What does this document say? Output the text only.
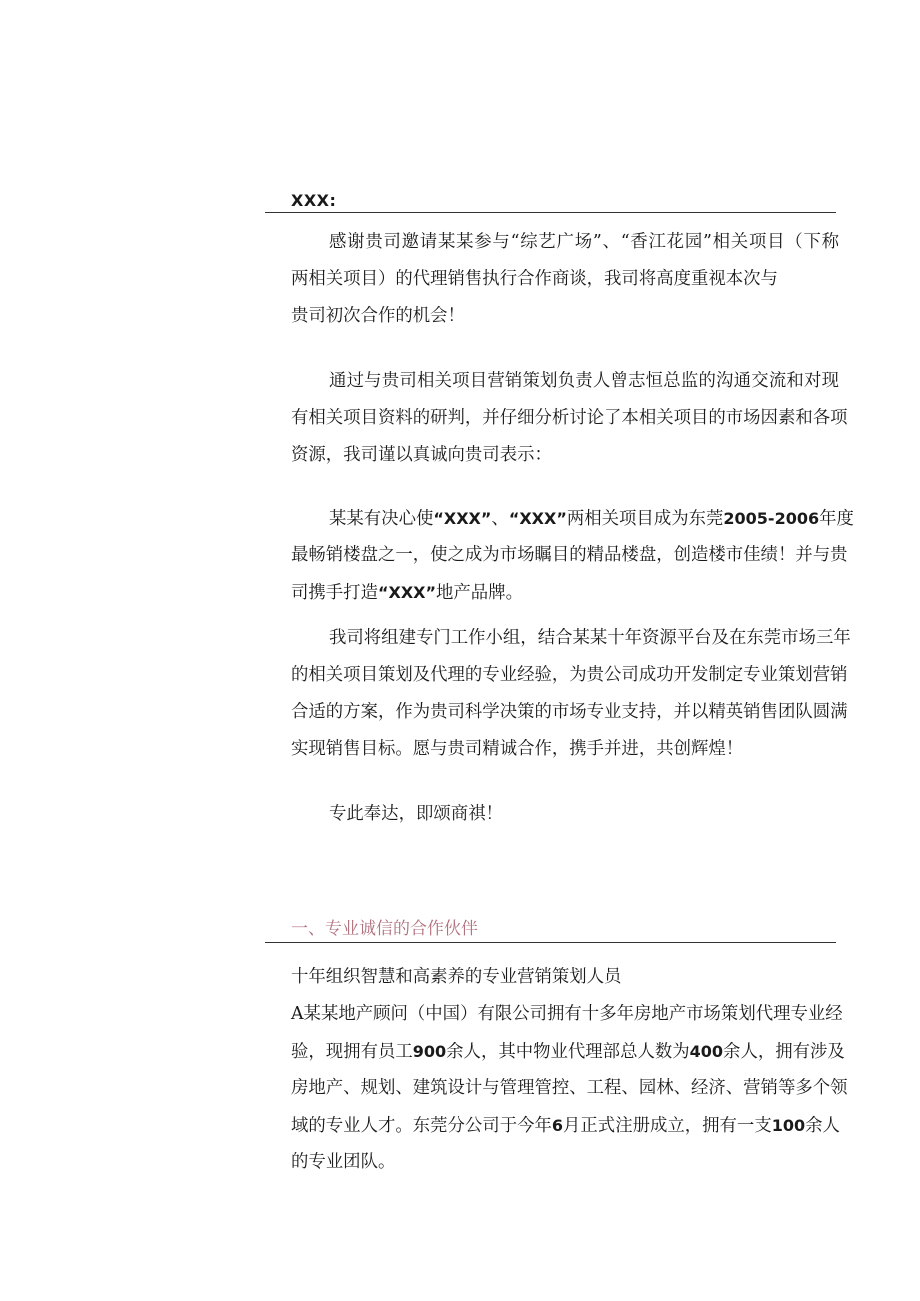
XXX:
感谢贵司邀请某某参与“综艺广场”、“香江花园”相关项目（下称
两相关项目）的代理销售执行合作商谈，我司将高度重视本次与
贵司初次合作的机会！
通过与贵司相关项目营销策划负责人曾志恒总监的沟通交流和对现
有相关项目资料的研判，并仔细分析讨论了本相关项目的市场因素和各项
资源，我司谨以真诚向贵司表示：
某某有决心使“XXX”、“XXX”两相关项目成为东莞2005-2006年度
最畅销楼盘之一，使之成为市场瞩目的精品楼盘，创造楼市佳绩！并与贵
司携手打造“XXX”地产品牌。
我司将组建专门工作小组，结合某某十年资源平台及在东莞市场三年
的相关项目策划及代理的专业经验，为贵公司成功开发制定专业策划营销
合适的方案，作为贵司科学决策的市场专业支持，并以精英销售团队圆满
实现销售目标。愿与贵司精诚合作，携手并进，共创辉煌！
专此奉达，即颂商祺！
一、专业诚信的合作伙伴
十年组织智慧和高素养的专业营销策划人员
A某某地产顾问（中国）有限公司拥有十多年房地产市场策划代理专业经
验，现拥有员工900余人，其中物业代理部总人数为400余人，拥有涉及
房地产、规划、建筑设计与管理管控、工程、园林、经济、营销等多个领
域的专业人才。东莞分公司于今年6月正式注册成立，拥有一支100余人
的专业团队。
